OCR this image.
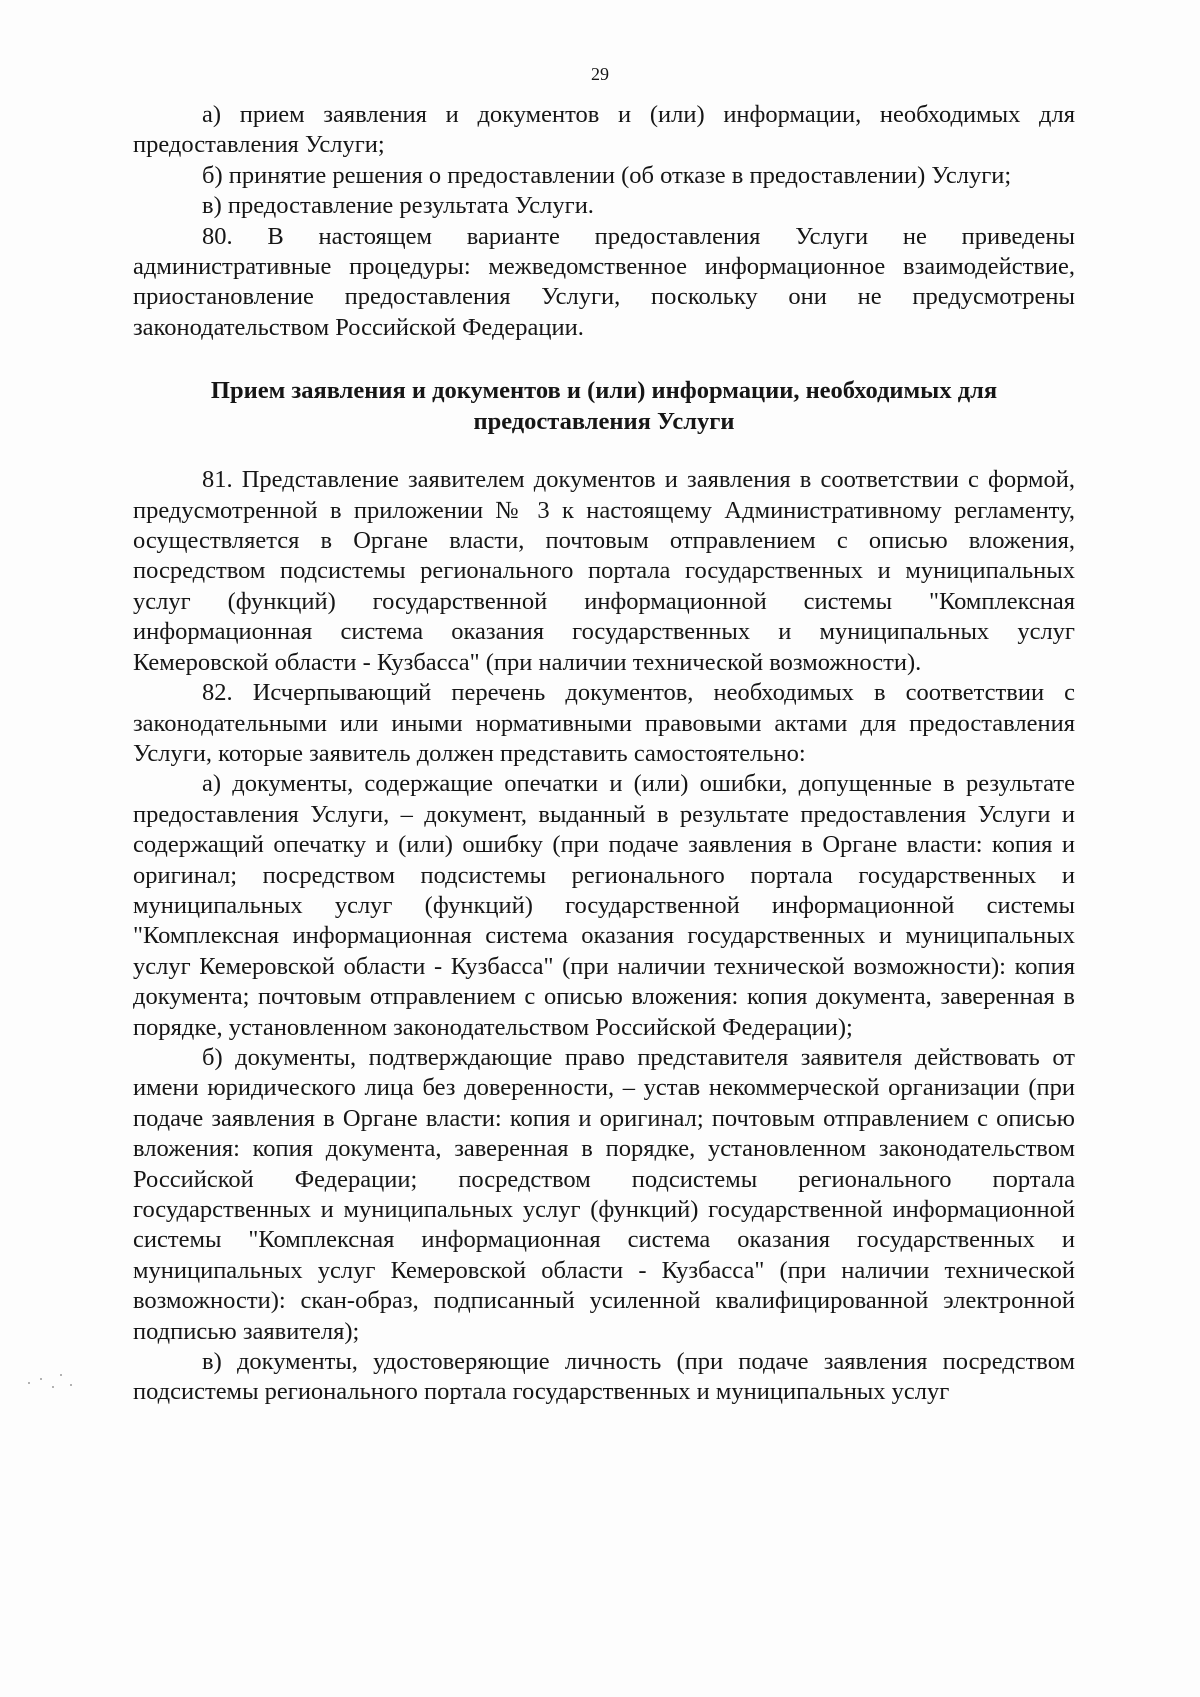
29

а) прием заявления и документов и (или) информации, необходимых для предоставления Услуги;

б) принятие решения о предоставлении (об отказе в предоставлении) Услуги;

в) предоставление результата Услуги.

80. В настоящем варианте предоставления Услуги не приведены административные процедуры: межведомственное информационное взаимодействие, приостановление предоставления Услуги, поскольку они не предусмотрены законодательством Российской Федерации.

Прием заявления и документов и (или) информации, необходимых для предоставления Услуги

81. Представление заявителем документов и заявления в соответствии с формой, предусмотренной в приложении № 3 к настоящему Административному регламенту, осуществляется в Органе власти, почтовым отправлением с описью вложения, посредством подсистемы регионального портала государственных и муниципальных услуг (функций) государственной информационной системы "Комплексная информационная система оказания государственных и муниципальных услуг Кемеровской области - Кузбасса" (при наличии технической возможности).

82. Исчерпывающий перечень документов, необходимых в соответствии с законодательными или иными нормативными правовыми актами для предоставления Услуги, которые заявитель должен представить самостоятельно:

а) документы, содержащие опечатки и (или) ошибки, допущенные в результате предоставления Услуги, – документ, выданный в результате предоставления Услуги и содержащий опечатку и (или) ошибку (при подаче заявления в Органе власти: копия и оригинал; посредством подсистемы регионального портала государственных и муниципальных услуг (функций) государственной информационной системы "Комплексная информационная система оказания государственных и муниципальных услуг Кемеровской области - Кузбасса" (при наличии технической возможности): копия документа; почтовым отправлением с описью вложения: копия документа, заверенная в порядке, установленном законодательством Российской Федерации);

б) документы, подтверждающие право представителя заявителя действовать от имени юридического лица без доверенности, – устав некоммерческой организации (при подаче заявления в Органе власти: копия и оригинал; почтовым отправлением с описью вложения: копия документа, заверенная в порядке, установленном законодательством Российской Федерации; посредством подсистемы регионального портала государственных и муниципальных услуг (функций) государственной информационной системы "Комплексная информационная система оказания государственных и муниципальных услуг Кемеровской области - Кузбасса" (при наличии технической возможности): скан-образ, подписанный усиленной квалифицированной электронной подписью заявителя);

в) документы, удостоверяющие личность (при подаче заявления посредством подсистемы регионального портала государственных и муниципальных услуг
